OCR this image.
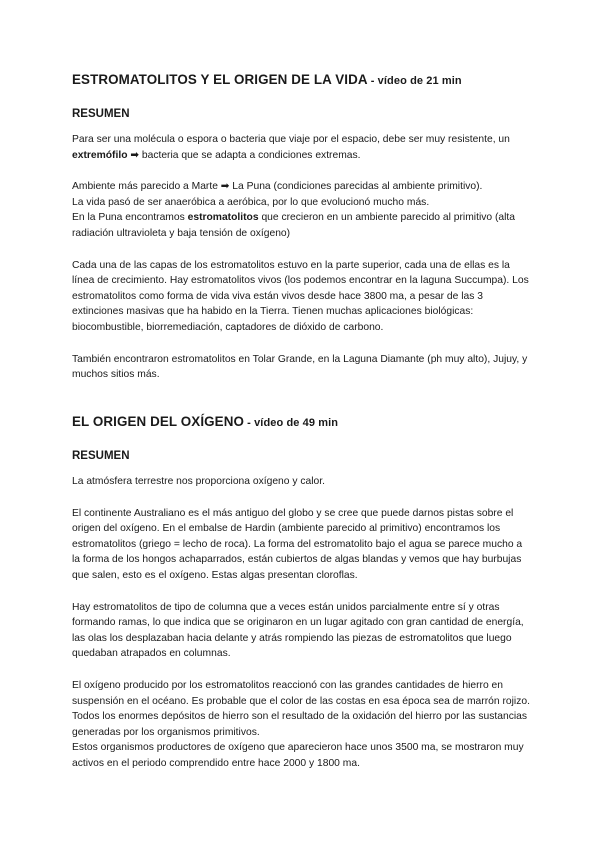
ESTROMATOLITOS Y EL ORIGEN DE LA VIDA - vídeo de 21 min
RESUMEN

Para ser una molécula o espora o bacteria que viaje por el espacio, debe ser muy resistente, un extremófilo ➡ bacteria que se adapta a condiciones extremas.

Ambiente más parecido a Marte ➡ La Puna (condiciones parecidas al ambiente primitivo).
La vida pasó de ser anaeróbica a aeróbica, por lo que evolucionó mucho más.
En la Puna encontramos estromatolitos que crecieron en un ambiente parecido al primitivo (alta radiación ultravioleta y baja tensión de oxígeno)

Cada una de las capas de los estromatolitos estuvo en la parte superior, cada una de ellas es la línea de crecimiento. Hay estromatolitos vivos (los podemos encontrar en la laguna Succumpa). Los estromatolitos como forma de vida viva están vivos desde hace 3800 ma, a pesar de las 3 extinciones masivas que ha habido en la Tierra. Tienen muchas aplicaciones biológicas: biocombustible, biorremediación, captadores de dióxido de carbono.

También encontraron estromatolitos en Tolar Grande, en la Laguna Diamante (ph muy alto), Jujuy, y muchos sitios más.

EL ORIGEN DEL OXÍGENO - vídeo de 49 min
RESUMEN

La atmósfera terrestre nos proporciona oxígeno y calor.

El continente Australiano es el más antiguo del globo y se cree que puede darnos pistas sobre el origen del oxígeno. En el embalse de Hardin (ambiente parecido al primitivo) encontramos los estromatolitos (griego = lecho de roca). La forma del estromatolito bajo el agua se parece mucho a la forma de los hongos achaparrados, están cubiertos de algas blandas y vemos que hay burbujas que salen, esto es el oxígeno. Estas algas presentan cloroflas.

Hay estromatolitos de tipo de columna que a veces están unidos parcialmente entre sí y otras formando ramas, lo que indica que se originaron en un lugar agitado con gran cantidad de energía, las olas los desplazaban hacia delante y atrás rompiendo las piezas de estromatolitos que luego quedaban atrapados en columnas.

El oxígeno producido por los estromatolitos reaccionó con las grandes cantidades de hierro en suspensión en el océano. Es probable que el color de las costas en esa época sea de marrón rojizo.
Todos los enormes depósitos de hierro son el resultado de la oxidación del hierro por las sustancias generadas por los organismos primitivos.
Estos organismos productores de oxígeno que aparecieron hace unos 3500 ma, se mostraron muy activos en el periodo comprendido entre hace 2000 y 1800 ma.
